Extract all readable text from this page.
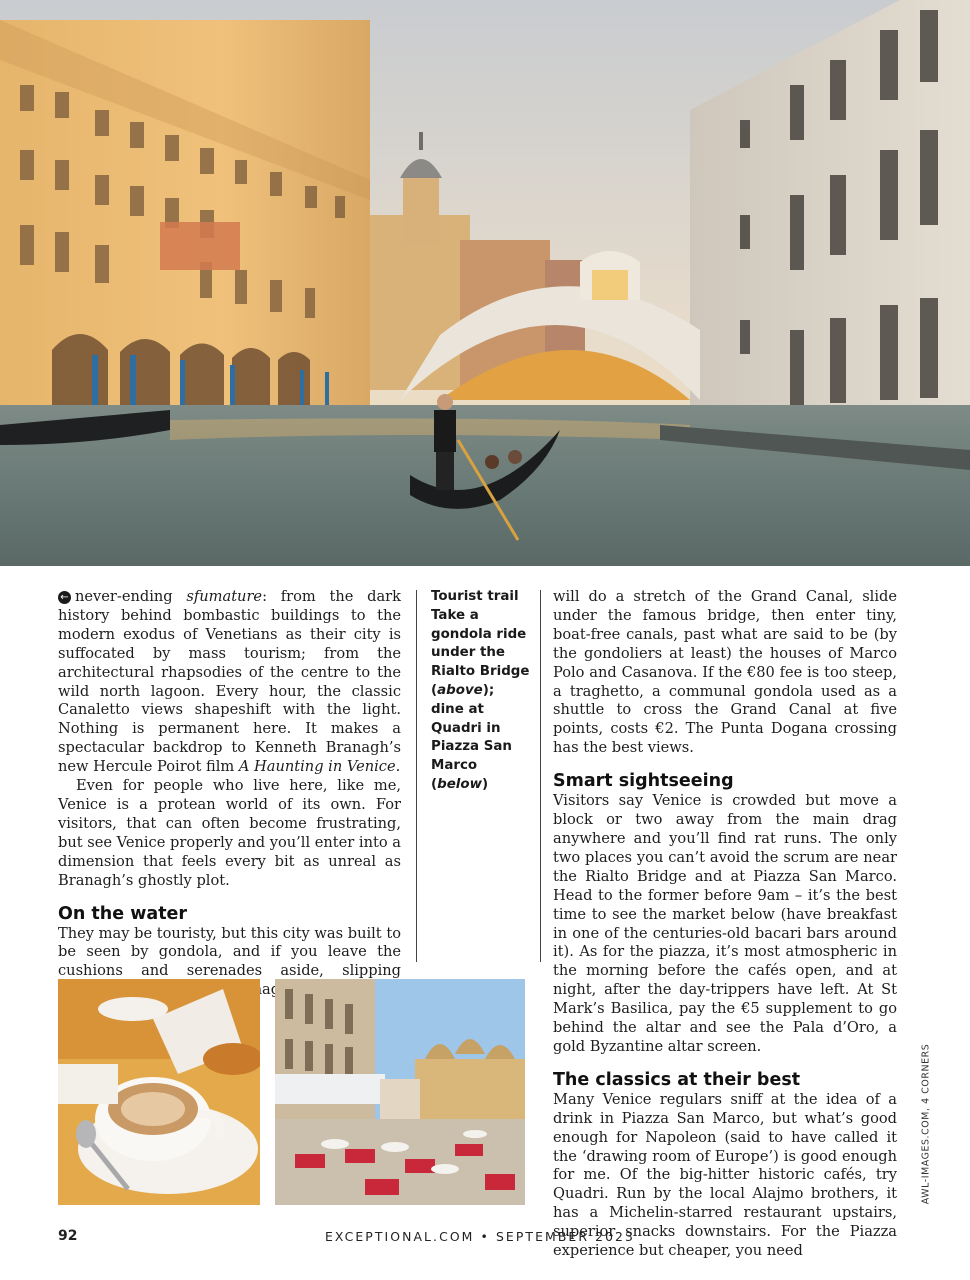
← never-ending sfumature: from the dark history behind bombastic buildings to the modern exodus of Venetians as their city is suffocated by mass tourism; from the architectural rhapsodies of the centre to the wild north lagoon. Every hour, the classic Canaletto views shapeshift with the light. Nothing is permanent here. It makes a spectacular backdrop to Kenneth Branagh’s new Hercule Poirot film A Haunting in Venice.

Even for people who live here, like me, Venice is a protean world of its own. For visitors, that can often become frustrating, but see Venice properly and you’ll enter into a dimension that feels every bit as unreal as Branagh’s ghostly plot.

On the water

They may be touristy, but this city was built to be seen by gondola, and if you leave the cushions and serenades aside, slipping

Tourist trail
Take a gondola ride under the Rialto Bridge (above); dine at Quadri in Piazza San Marco (below)

will do a stretch of the Grand Canal, slide under the famous bridge, then enter tiny, boat-free canals, past what are said to be (by the gondoliers at least) the houses of Marco Polo and Casanova. If the €80 fee is too steep, a traghetto, a communal gondola used as a shuttle to cross the Grand Canal at five points, costs €2. The Punta Dogana crossing has the best views.

Smart sightseeing

Visitors say Venice is crowded but move a block or two away from the main drag anywhere and you’ll find rat runs. The only two places you can’t avoid the scrum are near the Rialto Bridge and at Piazza San Marco. Head to the former before 9am – it’s the best time to see the market below (have breakfast in one of the centuries-old bacari bars around it). As for the piazza, it’s most atmospheric in the morning before the cafés open, and at night, after the day-trippers have left. At St Mark’s Basilica, pay the €5 supplement to go behind the altar and see the Pala d’Oro, a gold Byzantine altar screen.

The classics at their best

Many Venice regulars sniff at the idea of a drink in Piazza San Marco, but what’s good enough for Napoleon (said to have called it the ‘drawing room of Europe’) is good enough for me. Of the big-hitter historic cafés, try Quadri. Run by the local Alajmo brothers, it has a Michelin-starred restaurant upstairs, superior snacks downstairs. For the Piazza experience but cheaper, you need

92	EXCEPTIONAL.COM • SEPTEMBER 2023
AWL-IMAGES.COM, 4 CORNERS
